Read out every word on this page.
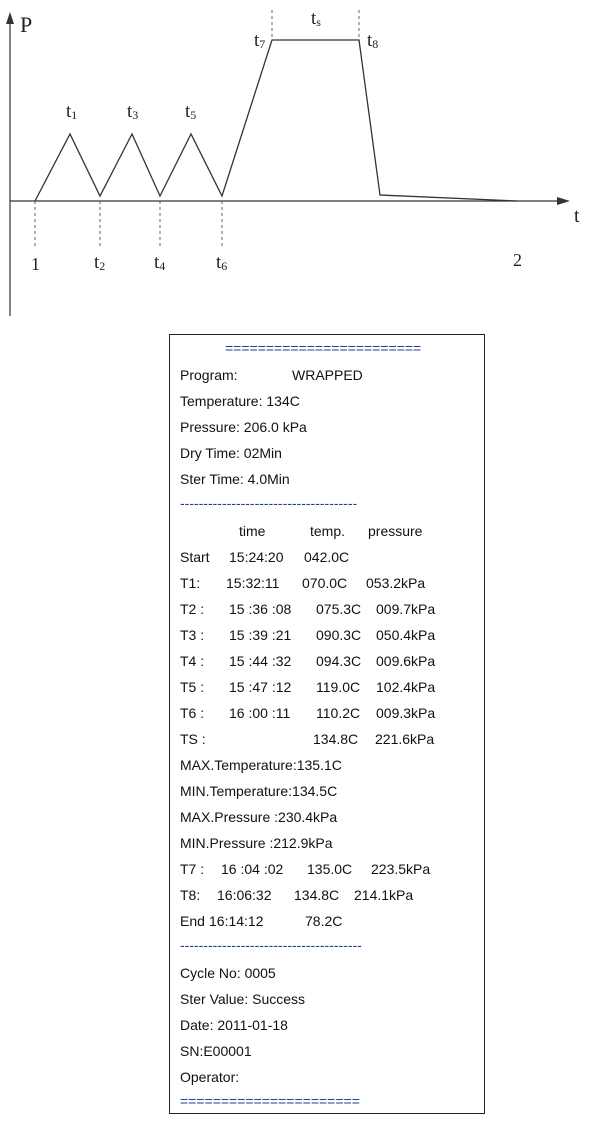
P
t
t1	t3 t5
t7
ts
t8
1	t2	t4	t6	2
========================
Program:	WRAPPED
Temperature: 134C
Pressure: 206.0 kPa
Dry Time: 02Min
Ster Time: 4.0Min
--------------------------------------
time	temp. pressure
Start 15:24:20 042.0C
T1: 15:32:11 070.0C 053.2kPa
T2 : 15 :36 :08 075.3C 009.7kPa
T3 : 15 :39 :21 090.3C 050.4kPa
T4 : 15 :44 :32 094.3C 009.6kPa
T5 : 15 :47 :12 119.0C 102.4kPa
T6 : 16 :00 :11 110.2C 009.3kPa
TS :	134.8C 221.6kPa
MAX.Temperature:135.1C
MIN.Temperature:134.5C
MAX.Pressure :230.4kPa
MIN.Pressure :212.9kPa
T7 : 16 :04 :02 135.0C 223.5kPa
T8: 16:06:32 134.8C 214.1kPa
End 16:14:12	78.2C
---------------------------------------
Cycle No: 0005
Ster Value: Success
Date: 2011-01-18
SN:E00001
Operator:
======================
